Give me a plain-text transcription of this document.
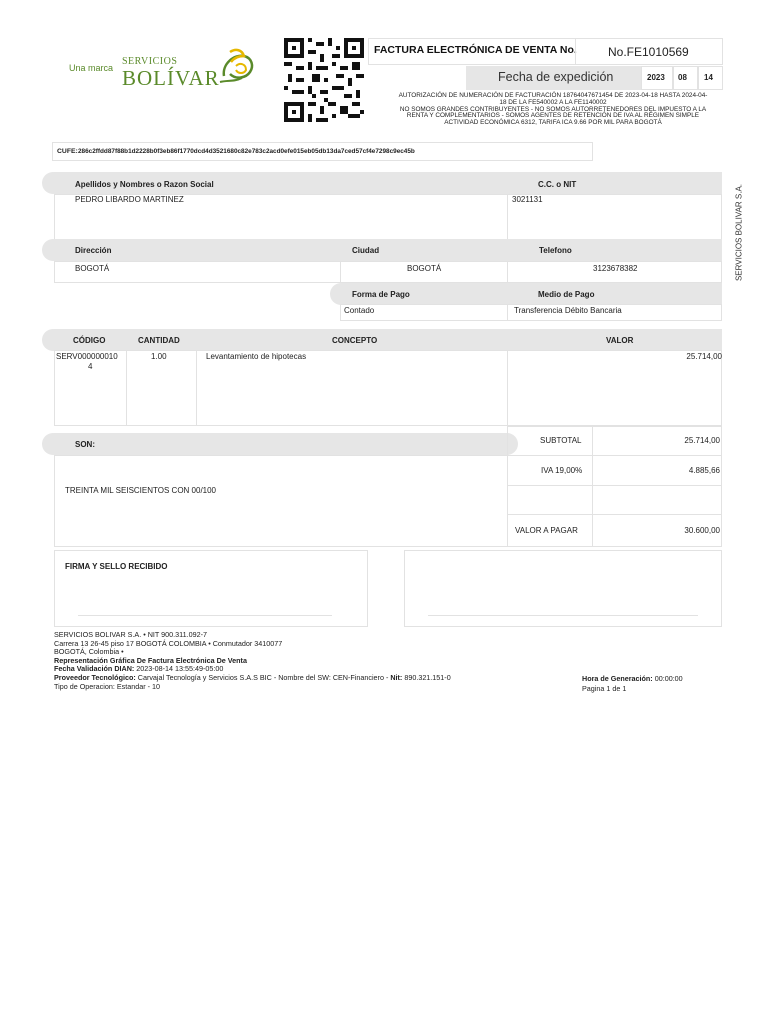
Una marca
SERVICIOS
BOLÍVAR
FACTURA ELECTRÓNICA DE VENTA No.	No.FE1010569
Fecha de expedición	2023 08 14
AUTORIZACIÓN DE NUMERACIÓN DE FACTURACIÓN 18764047671454 DE 2023-04-18 HASTA 2024-04-
18 DE LA FE540002 A LA FE1140002
NO SOMOS GRANDES CONTRIBUYENTES - NO SOMOS AUTORRETENEDORES DEL IMPUESTO A LA
RENTA Y COMPLEMENTARIOS - SOMOS AGENTES DE RETENCIÓN DE IVA AL RÉGIMEN SIMPLE
ACTIVIDAD ECONÓMICA 6312, TARIFA ICA 9.66 POR MIL PARA BOGOTÁ
CUFE: 286c2ffdd87f88b1d2228b0f3eb86f1770dcd4d3521680c82e783c2acd0efe015eb05db13da7ced57cf4e7298c9ec45b
SERVICIOS BOLIVAR S.A.
Apellidos y Nombres o Razon Social	C.C. o NIT
PEDRO LIBARDO MARTINEZ	3021131
Dirección	Ciudad	Telefono
BOGOTÁ	BOGOTÁ	3123678382
Forma de Pago	Medio de Pago
Contado	Transferencia Débito Bancaria
CÓDIGO	CANTIDAD	CONCEPTO	VALOR
SERV000000010
4
1.00	Levantamiento de hipotecas	25.714,00
SON:
TREINTA MIL SEISCIENTOS CON 00/100
SUBTOTAL	25.714,00
IVA 19,00%	4.885,66
VALOR A PAGAR	30.600,00
FIRMA Y SELLO RECIBIDO
SERVICIOS BOLIVAR S.A. • NIT 900.311.092-7
Carrera 13 26-45 piso 17 BOGOTÁ COLOMBIA • Conmutador 3410077
BOGOTÁ, Colombia •
Representación Gráfica De Factura Electrónica De Venta
Fecha Validación DIAN: 2023-08-14 13:55:49-05:00
Proveedor Tecnológico: Carvajal Tecnología y Servicios S.A.S BIC - Nombre del SW: CEN-Financiero - Nit: 890.321.151-0
Tipo de Operacion: Estandar - 10
Hora de Generación: 00:00:00
Pagina 1 de 1
